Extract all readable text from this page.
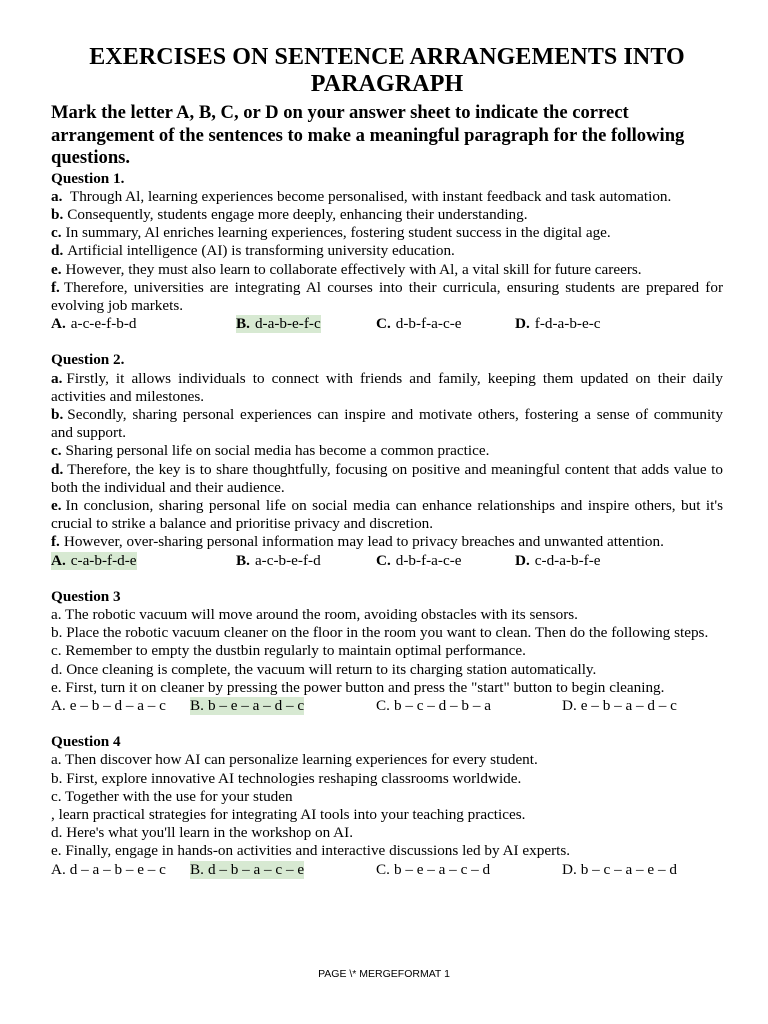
EXERCISES ON SENTENCE ARRANGEMENTS INTO PARAGRAPH

Mark the letter A, B, C, or D on your answer sheet to indicate the correct arrangement of the sentences to make a meaningful paragraph for the following questions.

Question 1.

a. Through Al, learning experiences become personalised, with instant feedback and task automation.

b. Consequently, students engage more deeply, enhancing their understanding.

c. In summary, Al enriches learning experiences, fostering student success in the digital age.

d. Artificial intelligence (AI) is transforming university education.

e. However, they must also learn to collaborate effectively with Al, a vital skill for future careers.

f. Therefore, universities are integrating Al courses into their curricula, ensuring students are prepared for evolving job markets.

A. a-c-e-f-b-d	B. d-a-b-e-f-c	C. d-b-f-a-c-e	D. f-d-a-b-e-c

Question 2.

a. Firstly, it allows individuals to connect with friends and family, keeping them updated on their daily activities and milestones.

b. Secondly, sharing personal experiences can inspire and motivate others, fostering a sense of community and support.

c. Sharing personal life on social media has become a common practice.

d. Therefore, the key is to share thoughtfully, focusing on positive and meaningful content that adds value to both the individual and their audience.

e. In conclusion, sharing personal life on social media can enhance relationships and inspire others, but it's crucial to strike a balance and prioritise privacy and discretion.

f. However, over-sharing personal information may lead to privacy breaches and unwanted attention.

A. c-a-b-f-d-e	B. a-c-b-e-f-d	C. d-b-f-a-c-e	D. c-d-a-b-f-e

Question 3

a. The robotic vacuum will move around the room, avoiding obstacles with its sensors.

b. Place the robotic vacuum cleaner on the floor in the room you want to clean. Then do the following steps.

c. Remember to empty the dustbin regularly to maintain optimal performance.

d. Once cleaning is complete, the vacuum will return to its charging station automatically.

e. First, turn it on cleaner by pressing the power button and press the "start" button to begin cleaning.

A. e – b – d – a – c B. b – e – a – d – c	C. b – c – d – b – a	D. e – b – a – d – c

Question 4

a. Then discover how AI can personalize learning experiences for every student.

b. First, explore innovative AI technologies reshaping classrooms worldwide.

c. Together with the use for your studen

, learn practical strategies for integrating AI tools into your teaching practices.

d. Here's what you'll learn in the workshop on AI.

e. Finally, engage in hands-on activities and interactive discussions led by AI experts.

A. d – a – b – e – c B. d – b – a – c – e	C. b – e – a – c – d	D. b – c – a – e – d
PAGE \* MERGEFORMAT 1
